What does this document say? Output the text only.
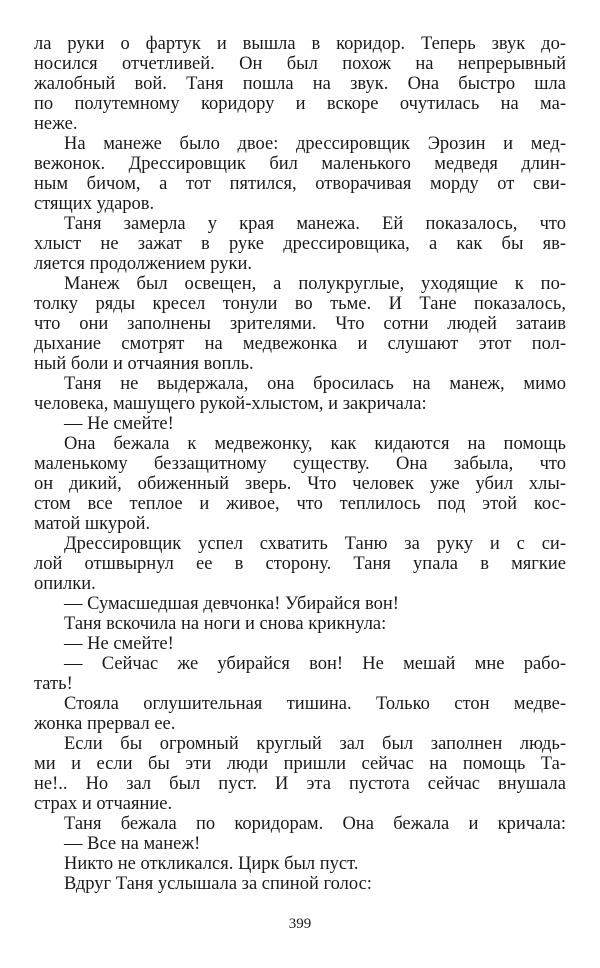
ла руки о фартук и вышла в коридор. Теперь звук до-
носился отчетливей. Он был похож на непрерывный
жалобный вой. Таня пошла на звук. Она быстро шла
по полутемному коридору и вскоре очутилась на ма-
неже.
На манеже было двое: дрессировщик Эрозин и мед-
вежонок. Дрессировщик бил маленького медведя длин-
ным бичом, а тот пятился, отворачивая морду от сви-
стящих ударов.
Таня замерла у края манежа. Ей показалось, что
хлыст не зажат в руке дрессировщика, а как бы яв-
ляется продолжением руки.
Манеж был освещен, а полукруглые, уходящие к по-
толку ряды кресел тонули во тьме. И Тане показалось,
что они заполнены зрителями. Что сотни людей затаив
дыхание смотрят на медвежонка и слушают этот пол-
ный боли и отчаяния вопль.
Таня не выдержала, она бросилась на манеж, мимо
человека, машущего рукой-хлыстом, и закричала:
— Не смейте!
Она бежала к медвежонку, как кидаются на помощь
маленькому беззащитному существу. Она забыла, что
он дикий, обиженный зверь. Что человек уже убил хлы-
стом все теплое и живое, что теплилось под этой кос-
матой шкурой.
Дрессировщик успел схватить Таню за руку и с си-
лой отшвырнул ее в сторону. Таня упала в мягкие
опилки.
— Сумасшедшая девчонка! Убирайся вон!
Таня вскочила на ноги и снова крикнула:
— Не смейте!
— Сейчас же убирайся вон! Не мешай мне рабо-
тать!
Стояла оглушительная тишина. Только стон медве-
жонка прервал ее.
Если бы огромный круглый зал был заполнен людь-
ми и если бы эти люди пришли сейчас на помощь Та-
не!.. Но зал был пуст. И эта пустота сейчас внушала
страх и отчаяние.
Таня бежала по коридорам. Она бежала и кричала:
— Все на манеж!
Никто не откликался. Цирк был пуст.
Вдруг Таня услышала за спиной голос:
399
